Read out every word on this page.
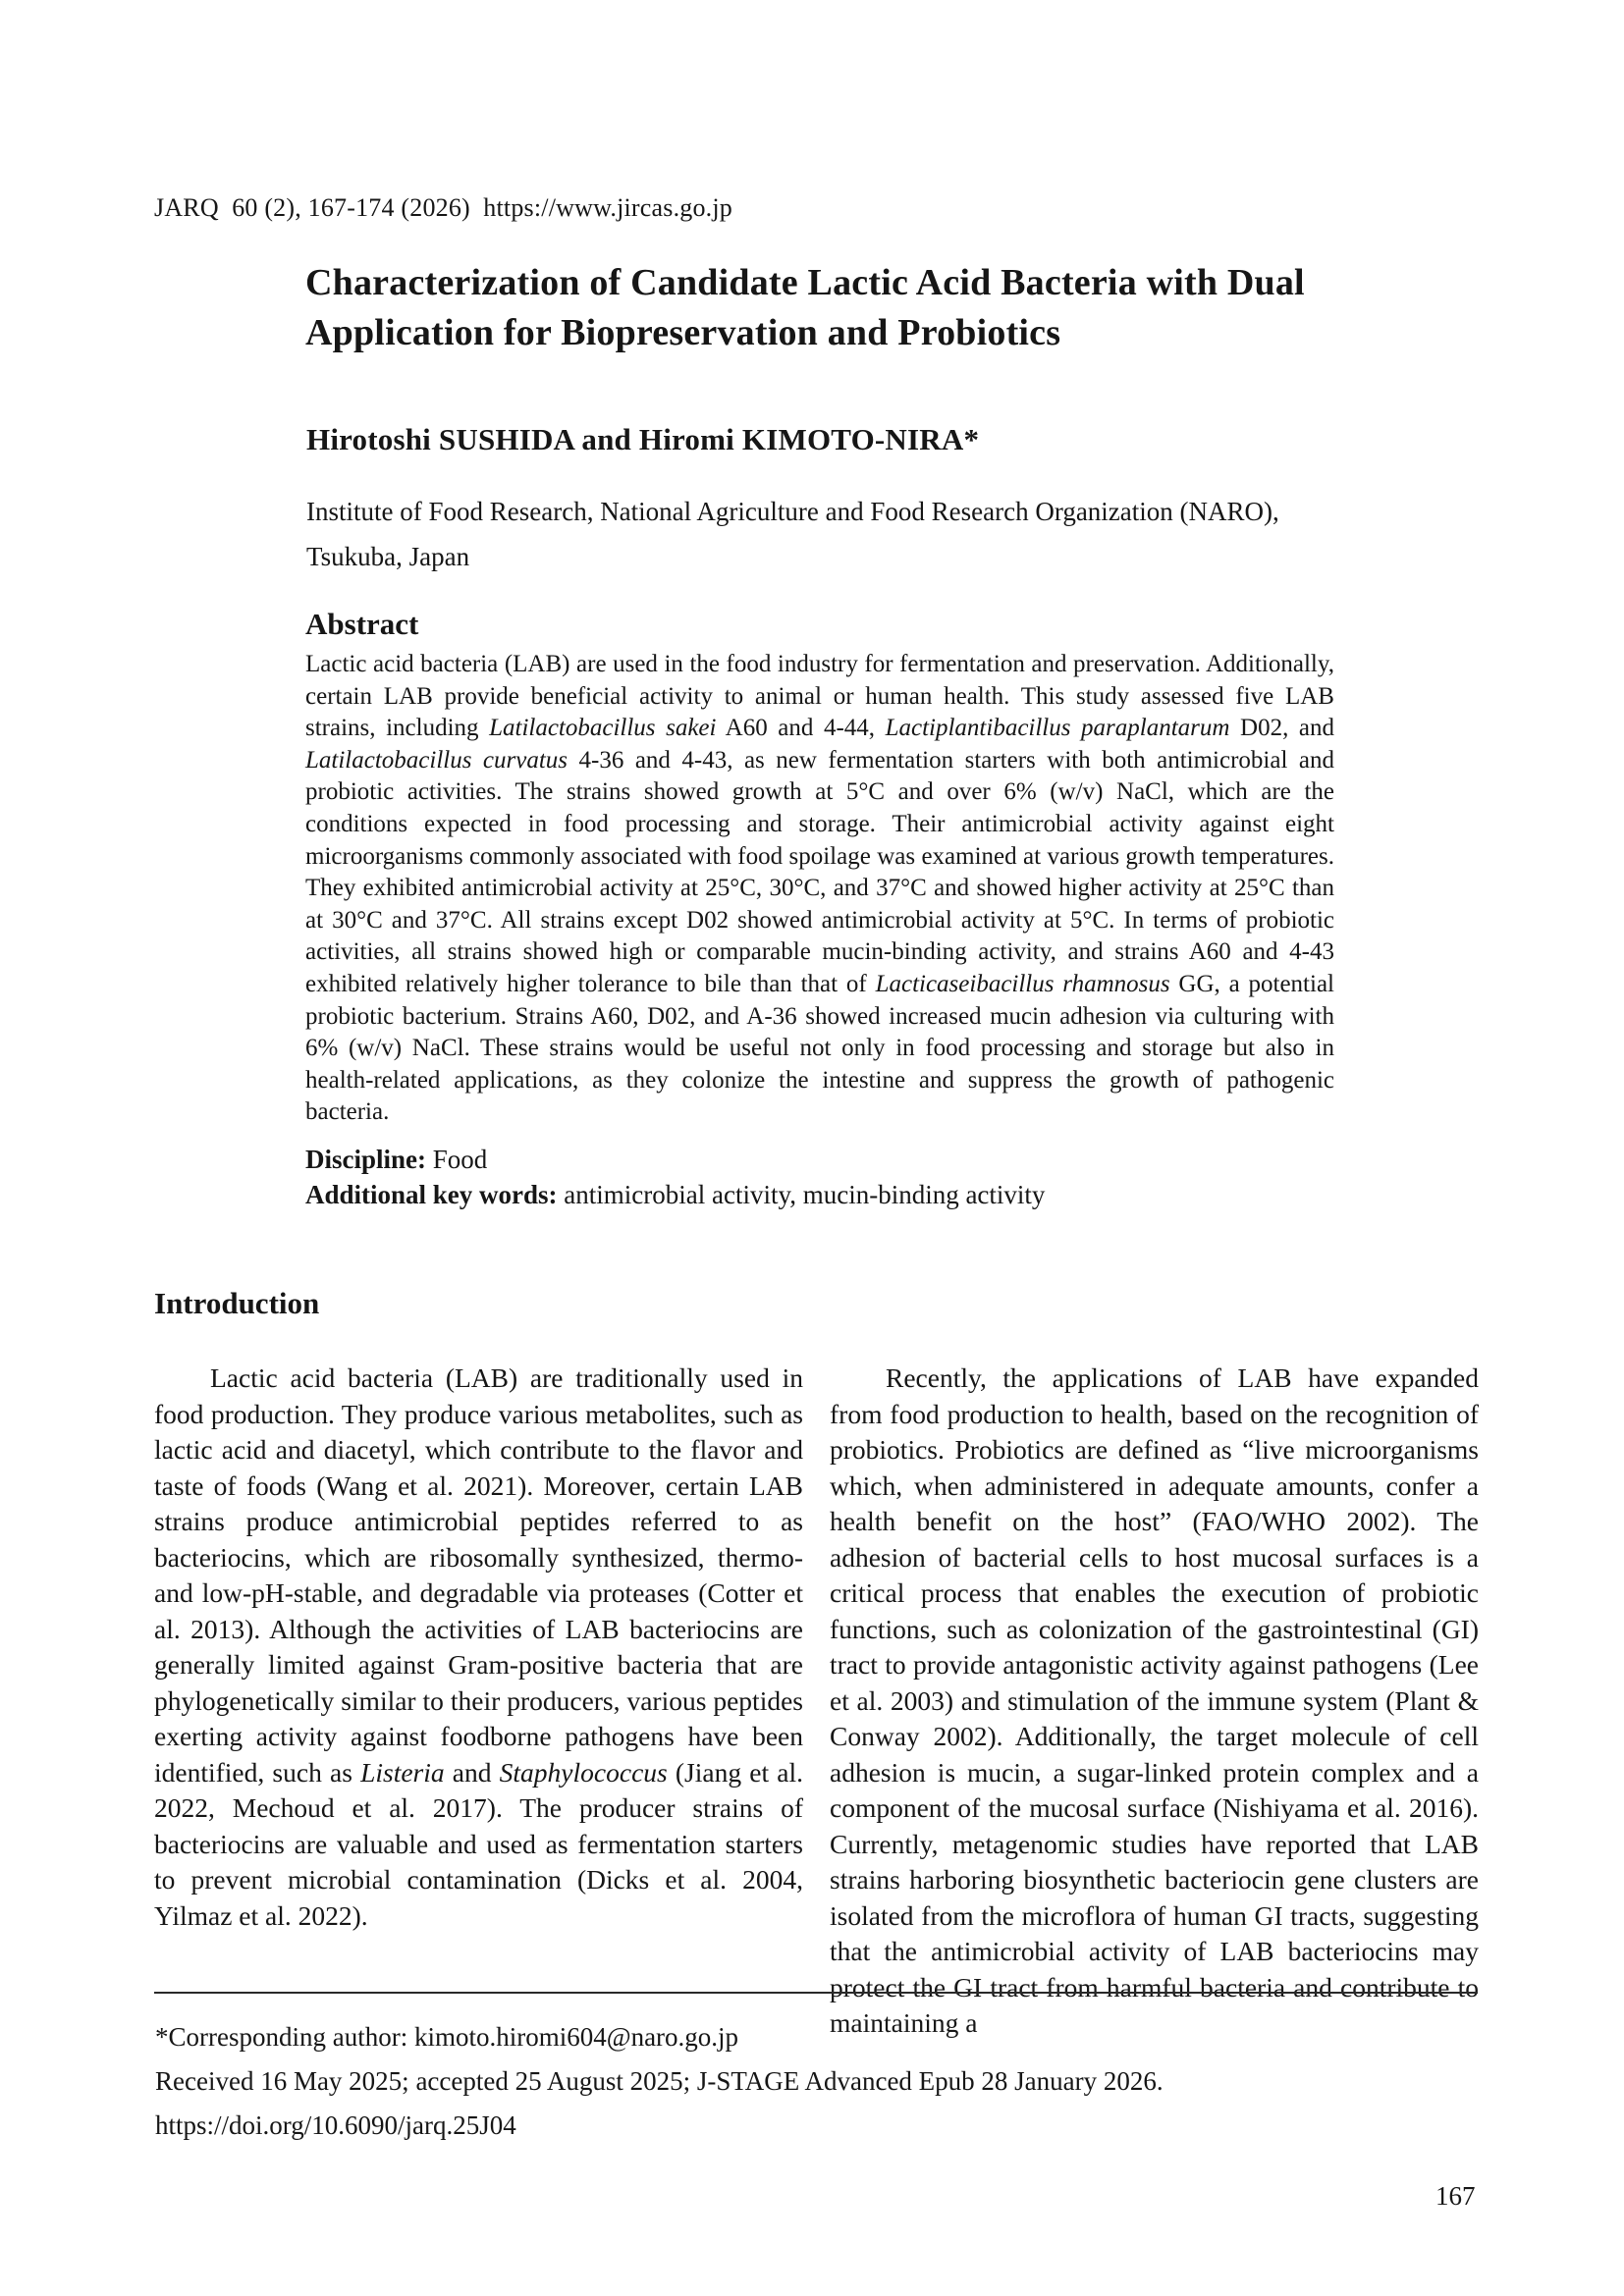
JARQ  60 (2), 167-174 (2026)  https://www.jircas.go.jp
Characterization of Candidate Lactic Acid Bacteria with Dual Application for Biopreservation and Probiotics
Hirotoshi SUSHIDA and Hiromi KIMOTO-NIRA*
Institute of Food Research, National Agriculture and Food Research Organization (NARO), Tsukuba, Japan
Abstract
Lactic acid bacteria (LAB) are used in the food industry for fermentation and preservation. Additionally, certain LAB provide beneficial activity to animal or human health. This study assessed five LAB strains, including Latilactobacillus sakei A60 and 4-44, Lactiplantibacillus paraplantarum D02, and Latilactobacillus curvatus 4-36 and 4-43, as new fermentation starters with both antimicrobial and probiotic activities. The strains showed growth at 5°C and over 6% (w/v) NaCl, which are the conditions expected in food processing and storage. Their antimicrobial activity against eight microorganisms commonly associated with food spoilage was examined at various growth temperatures. They exhibited antimicrobial activity at 25°C, 30°C, and 37°C and showed higher activity at 25°C than at 30°C and 37°C. All strains except D02 showed antimicrobial activity at 5°C. In terms of probiotic activities, all strains showed high or comparable mucin-binding activity, and strains A60 and 4-43 exhibited relatively higher tolerance to bile than that of Lacticaseibacillus rhamnosus GG, a potential probiotic bacterium. Strains A60, D02, and A-36 showed increased mucin adhesion via culturing with 6% (w/v) NaCl. These strains would be useful not only in food processing and storage but also in health-related applications, as they colonize the intestine and suppress the growth of pathogenic bacteria.
Discipline: Food
Additional key words: antimicrobial activity, mucin-binding activity
Introduction

Lactic acid bacteria (LAB) are traditionally used in food production. They produce various metabolites, such as lactic acid and diacetyl, which contribute to the flavor and taste of foods (Wang et al. 2021). Moreover, certain LAB strains produce antimicrobial peptides referred to as bacteriocins, which are ribosomally synthesized, thermo- and low-pH-stable, and degradable via proteases (Cotter et al. 2013). Although the activities of LAB bacteriocins are generally limited against Gram-positive bacteria that are phylogenetically similar to their producers, various peptides exerting activity against foodborne pathogens have been identified, such as Listeria and Staphylococcus (Jiang et al. 2022, Mechoud et al. 2017). The producer strains of bacteriocins are valuable and used as fermentation starters to prevent microbial contamination (Dicks et al. 2004, Yilmaz et al. 2022).

Recently, the applications of LAB have expanded from food production to health, based on the recognition of probiotics. Probiotics are defined as “live microorganisms which, when administered in adequate amounts, confer a health benefit on the host” (FAO/WHO 2002). The adhesion of bacterial cells to host mucosal surfaces is a critical process that enables the execution of probiotic functions, such as colonization of the gastrointestinal (GI) tract to provide antagonistic activity against pathogens (Lee et al. 2003) and stimulation of the immune system (Plant & Conway 2002). Additionally, the target molecule of cell adhesion is mucin, a sugar-linked protein complex and a component of the mucosal surface (Nishiyama et al. 2016). Currently, metagenomic studies have reported that LAB strains harboring biosynthetic bacteriocin gene clusters are isolated from the microflora of human GI tracts, suggesting that the antimicrobial activity of LAB bacteriocins may protect the GI tract from harmful bacteria and contribute to maintaining a

*Corresponding author: kimoto.hiromi604@naro.go.jp
Received 16 May 2025; accepted 25 August 2025; J-STAGE Advanced Epub 28 January 2026.
https://doi.org/10.6090/jarq.25J04
167
